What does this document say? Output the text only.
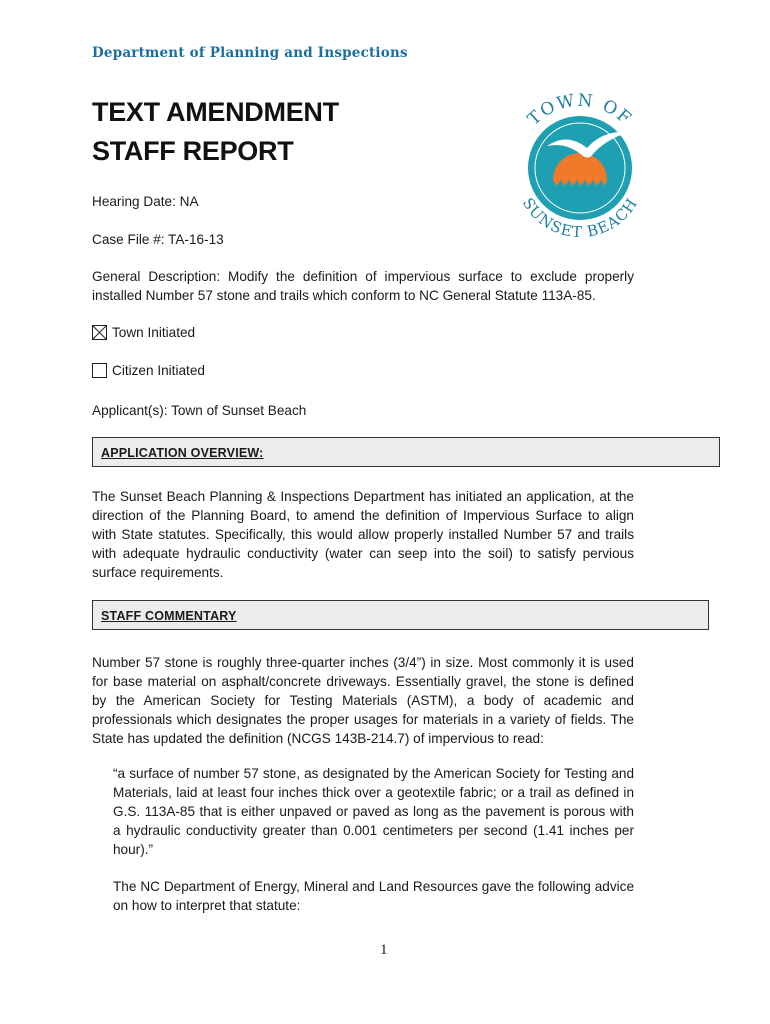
Department of Planning and Inspections
TEXT AMENDMENT
STAFF REPORT
TOWN OF
SUNSET BEACH
Hearing Date: NA
Case File #: TA-16-13

General Description: Modify the definition of impervious surface to exclude properly installed Number 57 stone and trails which conform to NC General Statute 113A-85.

Town Initiated
Citizen Initiated
Applicant(s): Town of Sunset Beach
APPLICATION OVERVIEW:

The Sunset Beach Planning & Inspections Department has initiated an application, at the direction of the Planning Board, to amend the definition of Impervious Surface to align with State statutes. Specifically, this would allow properly installed Number 57 and trails with adequate hydraulic conductivity (water can seep into the soil) to satisfy pervious surface requirements.

STAFF COMMENTARY

Number 57 stone is roughly three-quarter inches (3/4”) in size. Most commonly it is used for base material on asphalt/concrete driveways. Essentially gravel, the stone is defined by the American Society for Testing Materials (ASTM), a body of academic and professionals which designates the proper usages for materials in a variety of fields. The State has updated the definition (NCGS 143B-214.7) of impervious to read:

“a surface of number 57 stone, as designated by the American Society for Testing and Materials, laid at least four inches thick over a geotextile fabric; or a trail as defined in G.S. 113A-85 that is either unpaved or paved as long as the pavement is porous with a hydraulic conductivity greater than 0.001 centimeters per second (1.41 inches per hour).”

The NC Department of Energy, Mineral and Land Resources gave the following advice on how to interpret that statute:

1
